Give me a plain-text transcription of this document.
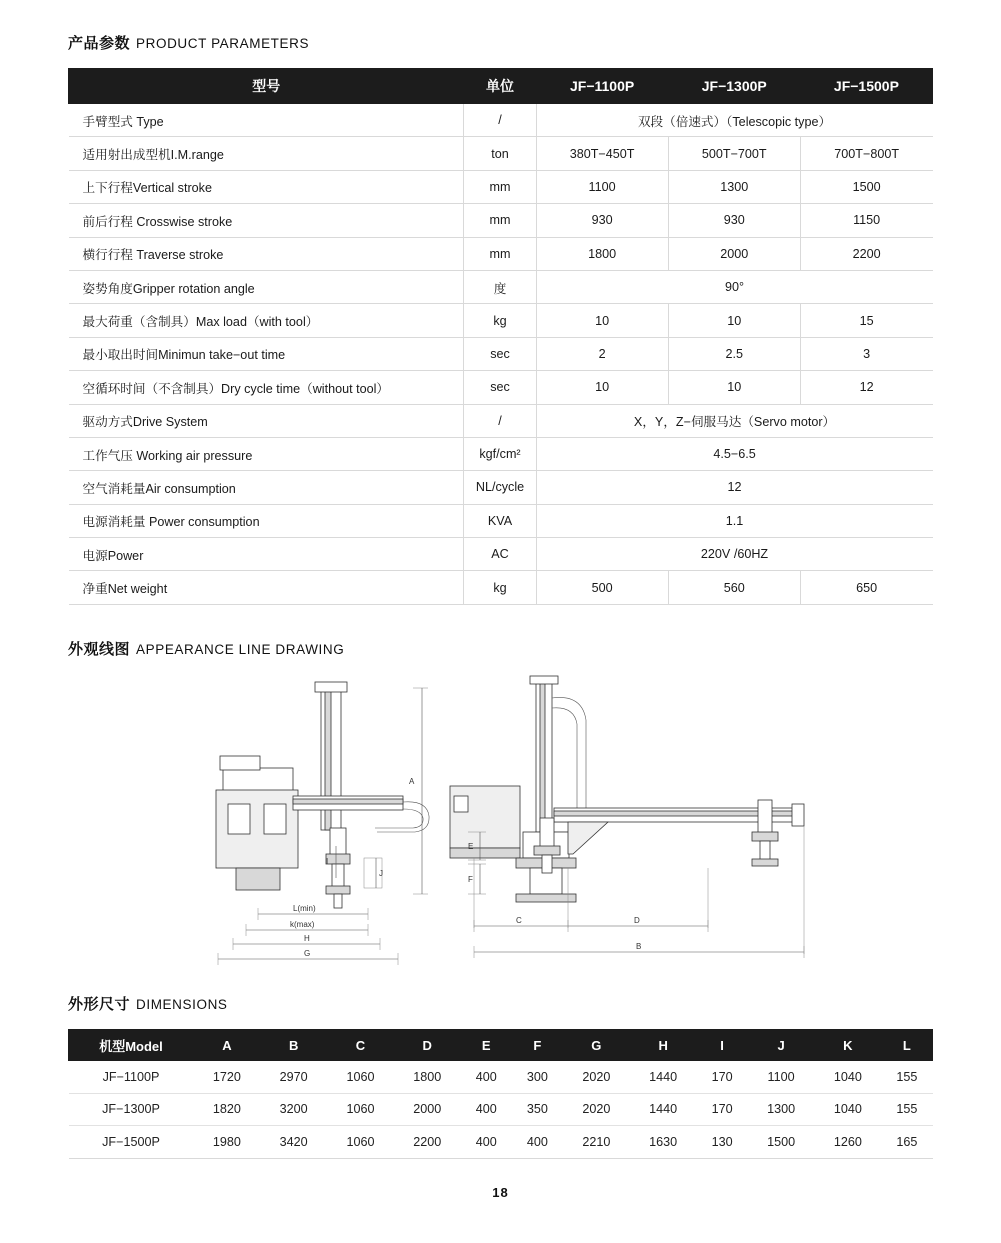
产品参数 PRODUCT PARAMETERS
型号	单位	JF−1100P	JF−1300P	JF−1500P
手臂型式 Type	/	双段（倍速式）（Telescopic type）		
适用射出成型机I.M.range	ton	380T−450T	500T−700T	700T−800T
上下行程Vertical stroke	mm	1100	1300	1500
前后行程 Crosswise stroke	mm	930	930	1150
横行行程 Traverse stroke	mm	1800	2000	2200
姿势角度Gripper rotation angle	度	90°		
最大荷重（含制具）Max load（with tool）	kg	10	10	15
最小取出时间Minimun take−out time	sec	2	2.5	3
空循环时间（不含制具）Dry cycle time（without tool）	sec	10	10	12
驱动方式Drive System	/	X，Y，Z−伺服马达（Servo motor）		
工作气压 Working air pressure	kgf/cm²	4.5−6.5		
空气消耗量Air consumption	NL/cycle	12		
电源消耗量 Power consumption	KVA	1.1		
电源Power	AC	220V /60HZ		
净重Net weight	kg	500	560	650
外观线图 APPEARANCE LINE DRAWING
A
I
J
L(min)
k(max)
H
G
E
F
C	D
B
外形尺寸 DIMENSIONS
机型Model	A	B	C	D	E	F	G	H	I	J	K	L
JF−1100P	1720	2970	1060	1800	400	300	2020	1440	170	1100	1040	155
JF−1300P	1820	3200	1060	2000	400	350	2020	1440	170	1300	1040	155
JF−1500P	1980	3420	1060	2200	400	400	2210	1630	130	1500	1260	165
18
